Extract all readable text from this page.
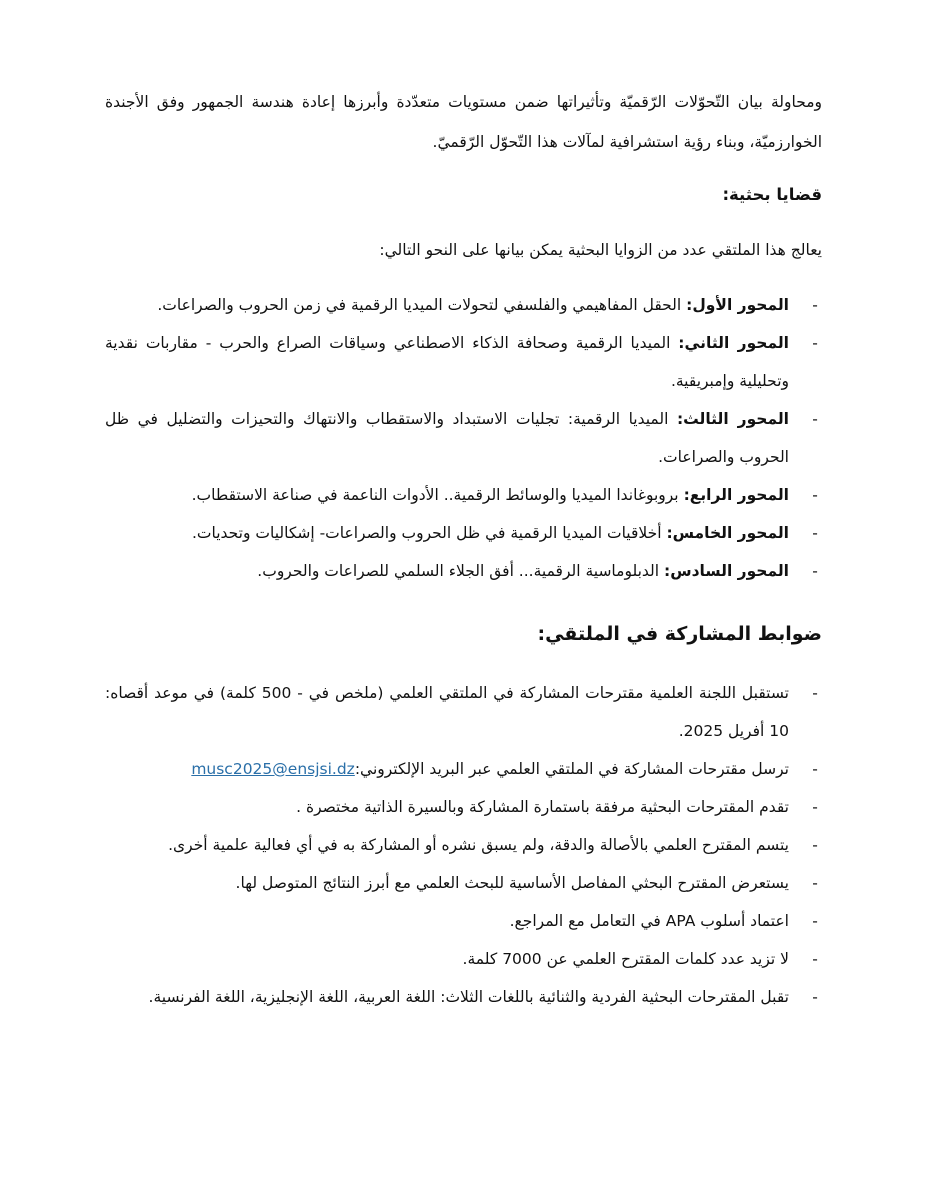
ومحاولة بيان التّحوّلات الرّقميّة وتأثيراتها ضمن مستويات متعدّدة وأبرزها إعادة هندسة الجمهور وفق الأجندة الخوارزميّة، وبناء رؤية استشرافية لمآلات هذا التّحوّل الرّقميّ.

قضايا بحثية:

يعالج هذا الملتقي عدد من الزوايا البحثية يمكن بيانها على النحو التالي:

-
المحور الأول: الحقل المفاهيمي والفلسفي لتحولات الميديا الرقمية في زمن الحروب والصراعات.
-
المحور الثاني: الميديا الرقمية وصحافة الذكاء الاصطناعي وسياقات الصراع والحرب - مقاربات نقدية وتحليلية وإمبريقية.
-
المحور الثالث: الميديا الرقمية: تجليات الاستبداد والاستقطاب والانتهاك والتحيزات والتضليل في ظل الحروب والصراعات.
-
المحور الرابع: بروبوغاندا الميديا والوسائط الرقمية.. الأدوات الناعمة في صناعة الاستقطاب.
-
المحور الخامس: أخلاقيات الميديا الرقمية في ظل الحروب والصراعات- إشكاليات وتحديات.
-
المحور السادس: الدبلوماسية الرقمية... أفق الجلاء السلمي للصراعات والحروب.

ضوابط المشاركة في الملتقي:

-
تستقبل اللجنة العلمية مقترحات المشاركة في الملتقي العلمي (ملخص في - 500 كلمة) في موعد أقصاه: 10 أفريل 2025.
-
ترسل مقترحات المشاركة في الملتقي العلمي عبر البريد الإلكتروني:musc2025@ensjsi.dz
-
تقدم المقترحات البحثية مرفقة باستمارة المشاركة وبالسيرة الذاتية مختصرة .
-
يتسم المقترح العلمي بالأصالة والدقة، ولم يسبق نشره أو المشاركة به في أي فعالية علمية أخرى.
-
يستعرض المقترح البحثي المفاصل الأساسية للبحث العلمي مع أبرز النتائج المتوصل لها.
-
اعتماد أسلوب APA في التعامل مع المراجع.
-
لا تزيد عدد كلمات المقترح العلمي عن 7000 كلمة.
-
تقبل المقترحات البحثية الفردية والثنائية باللغات الثلاث: اللغة العربية، اللغة الإنجليزية، اللغة الفرنسية.
